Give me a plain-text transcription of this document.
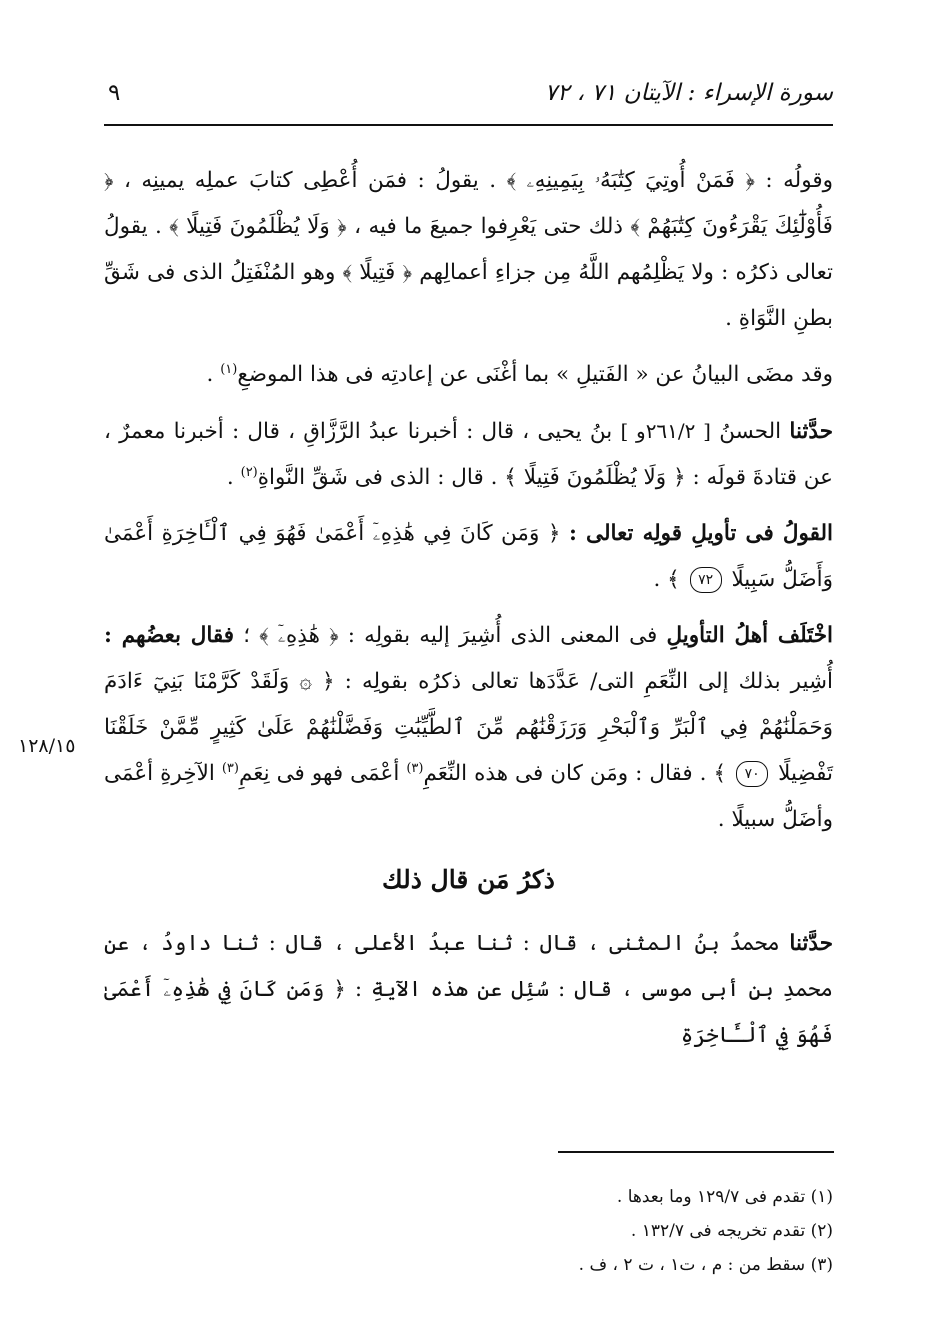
سورة الإسراء : الآيتان ٧١ ، ٧٢
٩
١٢٨/١٥

وقولُه : ﴿ فَمَنْ أُوتِيَ كِتَٰبَهُۥ بِيَمِينِهِۦ ﴾ . يقولُ : فمَن أُعْطِى كتابَ عملِه يمينِه ، ﴿ فَأُوْلَٰٓئِكَ يَقْرَءُونَ كِتَٰبَهُمْ ﴾ ذلك حتى يَعْرِفوا جميعَ ما فيه ، ﴿ وَلَا يُظْلَمُونَ فَتِيلًا ﴾ . يقولُ تعالى ذكرُه : ولا يَظْلِمُهم اللَّهُ مِن جزاءِ أعمالِهم ﴿ فَتِيلًا ﴾ وهو المُنْفَتِلُ الذى فى شَقِّ بطنِ النَّوَاةِ .

وقد مضَى البيانُ عن « الفَتيلِ » بما أغْنَى عن إعادتِه فى هذا الموضعِ$^{(١)}$ .

حدَّثنا الحسنُ [ ٢٦١/٢و ] بنُ يحيى ، قال : أخبرنا عبدُ الرَّزَّاقِ ، قال : أخبرنا معمرٌ ، عن قتادةَ قولَه : ﴿ وَلَا يُظْلَمُونَ فَتِيلًا ﴾ . قال : الذى فى شَقِّ النَّواةِ$^{(٢)}$ .

القولُ فى تأويلِ قولِه تعالى : ﴿ وَمَن كَانَ فِي هَٰذِهِۦٓ أَعْمَىٰ فَهُوَ فِي ٱلْـَٔاخِرَةِ أَعْمَىٰ وَأَضَلُّ سَبِيلًا ٧٢ ﴾ .

اخْتَلَف أهلُ التأويلِ فى المعنى الذى أُشِيرَ إليه بقولِه : ﴿ هَٰذِهِۦٓ ﴾ ؛ فقال بعضُهم : أُشِير بذلك إلى النِّعَمِ التى/ عَدَّدَها تعالى ذكرُه بقولِه : ﴿ ۞ وَلَقَدْ كَرَّمْنَا بَنِيٓ ءَادَمَ وَحَمَلْنَٰهُمْ فِي ٱلْبَرِّ وَٱلْبَحْرِ وَرَزَقْنَٰهُم مِّنَ ٱلطَّيِّبَٰتِ وَفَضَّلْنَٰهُمْ عَلَىٰ كَثِيرٍ مِّمَّنْ خَلَقْنَا تَفْضِيلًا ٧٠ ﴾ . فقال : ومَن كان فى هذه النِّعَمِ$^{(٣)}$ أعْمَى فهو فى نِعَمِ$^{(٣)}$ الآخِرةِ أعْمَى وأضَلُّ سبيلًا .

ذكرُ مَن قال ذلك

حدَّثنا محمدُ بنُ المثنى ، قال : ثنا عبدُ الأعلى ، قال : ثنا داودُ ، عن محمدِ بنِ أبى موسى ، قال : سُئِل عن هذه الآيةِ : ﴿ وَمَن كَانَ فِي هَٰذِهِۦٓ أَعْمَىٰ فَهُوَ فِي ٱلْـَٔاخِرَةِ

(١) تقدم فى ١٢٩/٧ وما بعدها .

(٢) تقدم تخريجه فى ١٣٢/٧ .

(٣) سقط من : م ، ت١ ، ت ٢ ، ف .
